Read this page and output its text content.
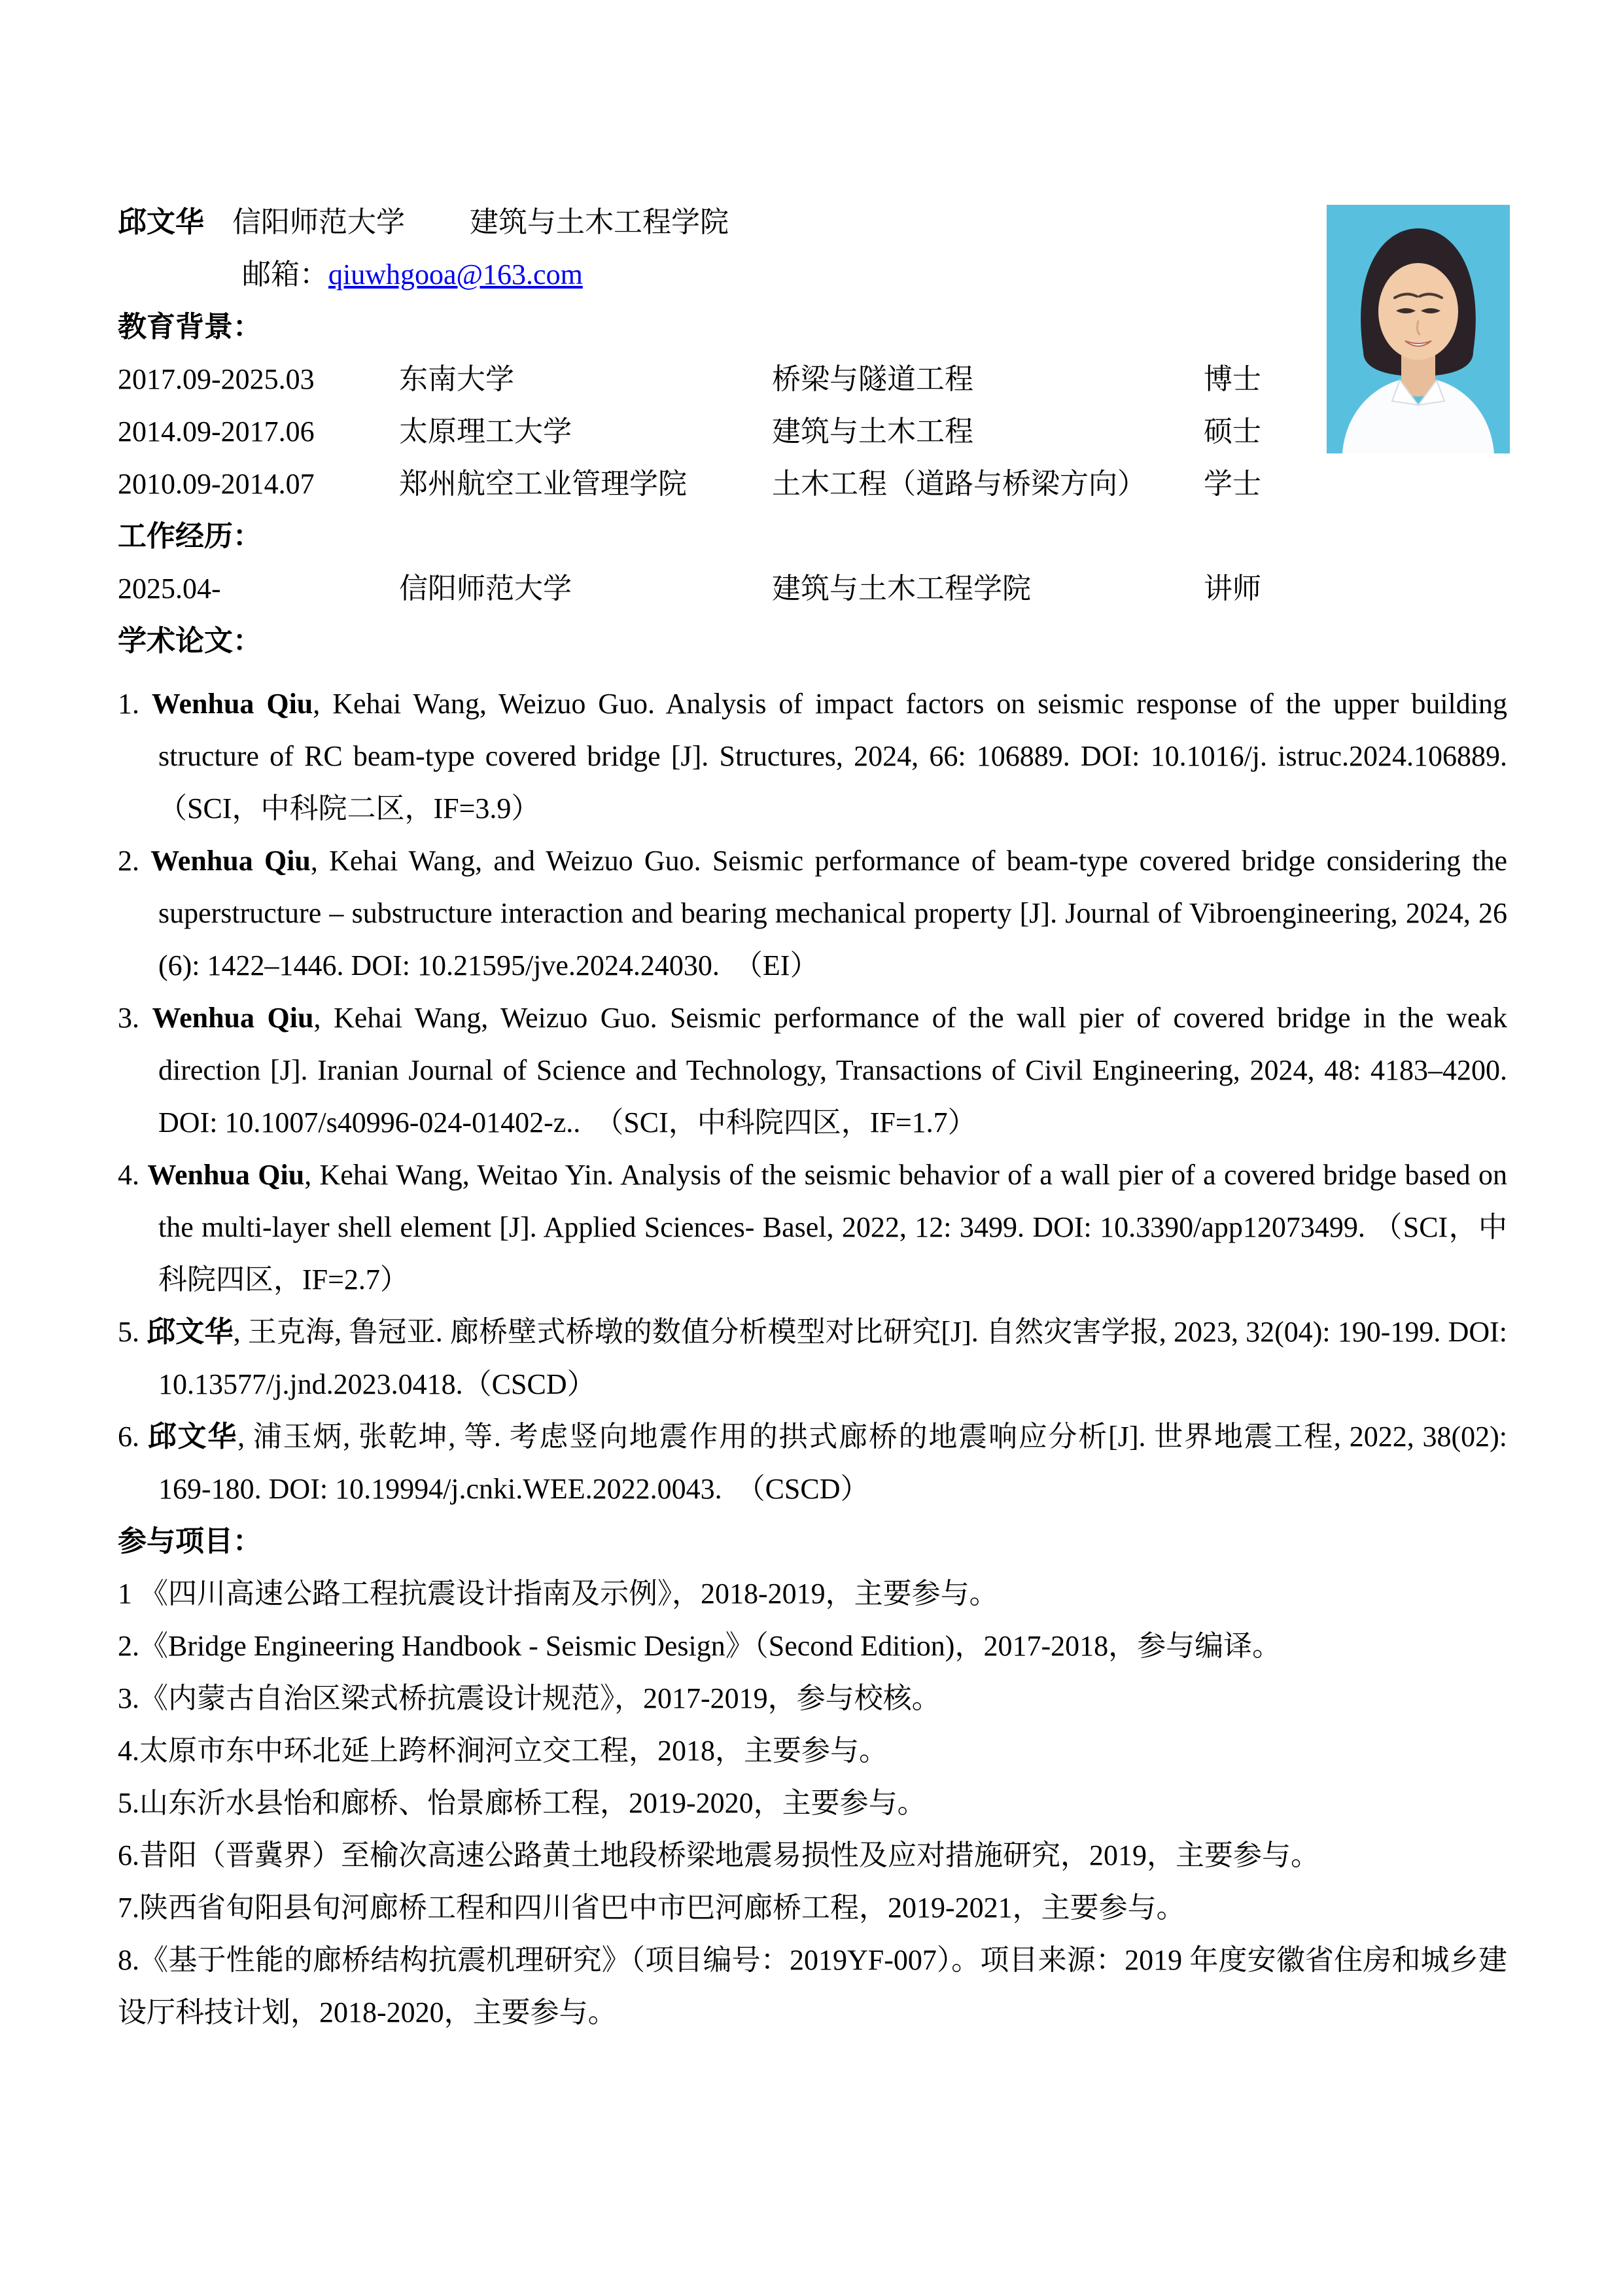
邱文华 信阳师范大学 建筑与土木工程学院
邮箱：qiuwhgooa@163.com
教育背景：
2017.09-2025.03	东南大学	桥梁与隧道工程	博士
2014.09-2017.06	太原理工大学	建筑与土木工程	硕士
2010.09-2014.07	郑州航空工业管理学院	土木工程（道路与桥梁方向）	学士
工作经历：
2025.04-	信阳师范大学	建筑与土木工程学院	讲师
学术论文：

1. Wenhua Qiu, Kehai Wang, Weizuo Guo. Analysis of impact factors on seismic response of the upper building structure of RC beam-type covered bridge [J]. Structures, 2024, 66: 106889. DOI: 10.1016/j. istruc.2024.106889. （SCI，中科院二区，IF=3.9）

2. Wenhua Qiu, Kehai Wang, and Weizuo Guo. Seismic performance of beam-type covered bridge considering the superstructure – substructure interaction and bearing mechanical property [J]. Journal of Vibroengineering, 2024, 26 (6): 1422–1446. DOI: 10.21595/jve.2024.24030.　（EI）

3. Wenhua Qiu, Kehai Wang, Weizuo Guo. Seismic performance of the wall pier of covered bridge in the weak direction [J]. Iranian Journal of Science and Technology, Transactions of Civil Engineering, 2024, 48: 4183–4200. DOI: 10.1007/s40996-024-01402-z..　（SCI，中科院四区，IF=1.7）

4. Wenhua Qiu, Kehai Wang, Weitao Yin. Analysis of the seismic behavior of a wall pier of a covered bridge based on the multi-layer shell element [J]. Applied Sciences- Basel, 2022, 12: 3499. DOI: 10.3390/app12073499. （SCI，中科院四区，IF=2.7）

5. 邱文华, 王克海, 鲁冠亚. 廊桥壁式桥墩的数值分析模型对比研究[J]. 自然灾害学报, 2023, 32(04): 190-199. DOI: 10.13577/j.jnd.2023.0418.（CSCD）

6. 邱文华, 浦玉炳, 张乾坤, 等. 考虑竖向地震作用的拱式廊桥的地震响应分析[J]. 世界地震工程, 2022, 38(02): 169-180. DOI: 10.19994/j.cnki.WEE.2022.0043.　（CSCD）

参与项目：

1 《四川高速公路工程抗震设计指南及示例》，2018-2019，主要参与。

2.《Bridge Engineering Handbook - Seismic Design》（Second Edition)，2017-2018，参与编译。

3.《内蒙古自治区梁式桥抗震设计规范》，2017-2019，参与校核。

4.太原市东中环北延上跨杯涧河立交工程，2018，主要参与。

5.山东沂水县怡和廊桥、怡景廊桥工程，2019-2020，主要参与。

6.昔阳（晋冀界）至榆次高速公路黄土地段桥梁地震易损性及应对措施研究，2019，主要参与。

7.陕西省旬阳县旬河廊桥工程和四川省巴中市巴河廊桥工程，2019-2021，主要参与。

8.《基于性能的廊桥结构抗震机理研究》（项目编号：2019YF-007）。项目来源：2019 年度安徽省住房和城乡建设厅科技计划，2018-2020，主要参与。
